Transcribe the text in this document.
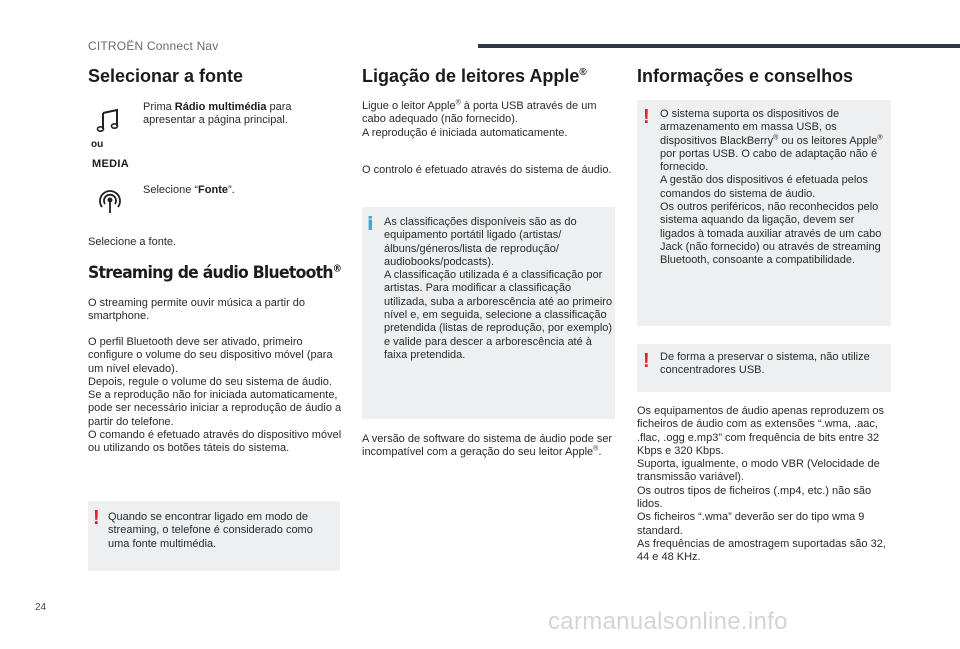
CITROËN Connect Nav
Selecionar a fonte
Prima Rádio multimédia para apresentar a página principal.
ou
MEDIA
Selecione “Fonte”.
Selecione a fonte.
Streaming de áudio Bluetooth®
O streaming permite ouvir música a partir do smartphone.
O perfil Bluetooth deve ser ativado, primeiro configure o volume do seu dispositivo móvel (para um nível elevado).
Depois, regule o volume do seu sistema de áudio.
Se a reprodução não for iniciada automaticamente, pode ser necessário iniciar a reprodução de áudio a partir do telefone.
O comando é efetuado através do dispositivo móvel ou utilizando os botões táteis do sistema.
! Quando se encontrar ligado em modo de streaming, o telefone é considerado como uma fonte multimédia.
Ligação de leitores Apple®
Ligue o leitor Apple® à porta USB através de um cabo adequado (não fornecido).
A reprodução é iniciada automaticamente.
O controlo é efetuado através do sistema de áudio.
i As classificações disponíveis são as do equipamento portátil ligado (artistas/ álbuns/géneros/lista de reprodução/ audiobooks/podcasts).
A classificação utilizada é a classificação por artistas. Para modificar a classificação utilizada, suba a arborescência até ao primeiro nível e, em seguida, selecione a classificação pretendida (listas de reprodução, por exemplo) e valide para descer a arborescência até à faixa pretendida.
A versão de software do sistema de áudio pode ser incompatível com a geração do seu leitor Apple®.
Informações e conselhos
! O sistema suporta os dispositivos de armazenamento em massa USB, os dispositivos BlackBerry® ou os leitores Apple® por portas USB. O cabo de adaptação não é fornecido.
A gestão dos dispositivos é efetuada pelos comandos do sistema de áudio.
Os outros periféricos, não reconhecidos pelo sistema aquando da ligação, devem ser ligados à tomada auxiliar através de um cabo Jack (não fornecido) ou através de streaming Bluetooth, consoante a compatibilidade.
! De forma a preservar o sistema, não utilize concentradores USB.
Os equipamentos de áudio apenas reproduzem os ficheiros de áudio com as extensões “.wma, .aac, .flac, .ogg e.mp3” com frequência de bits entre 32 Kbps e 320 Kbps.
Suporta, igualmente, o modo VBR (Velocidade de transmissão variável).
Os outros tipos de ficheiros (.mp4, etc.) não são lidos.
Os ficheiros “.wma” deverão ser do tipo wma 9 standard.
As frequências de amostragem suportadas são 32, 44 e 48 KHz.
24
carmanualsonline.info
